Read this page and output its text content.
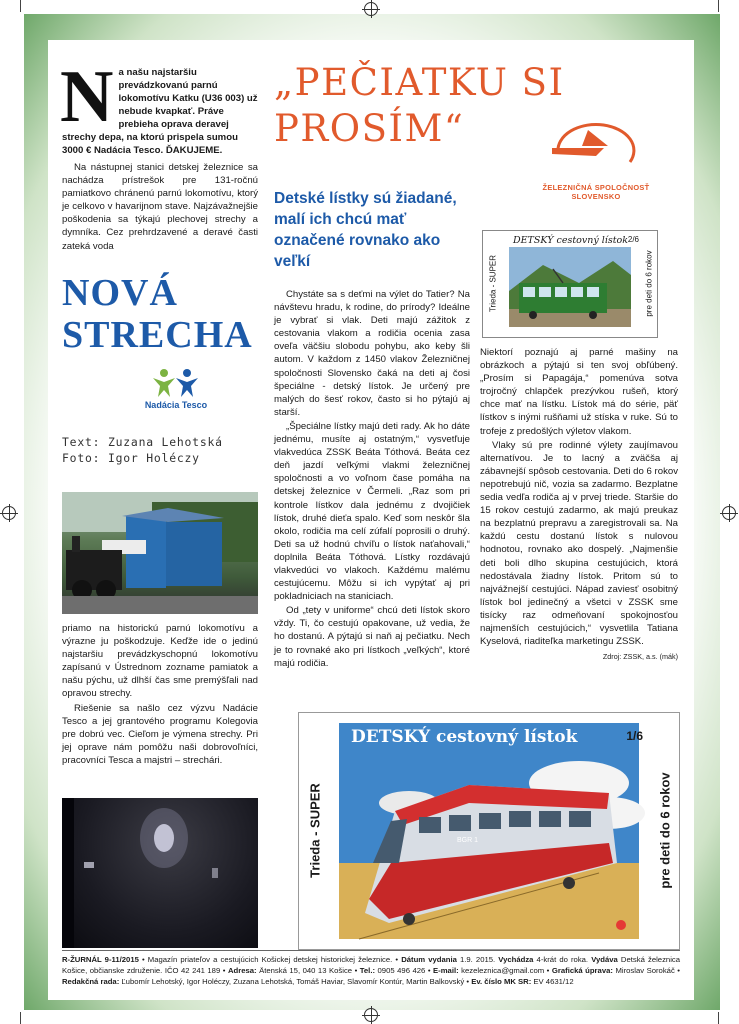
Na našu najstaršiu prevádzkovanú parnú lokomotívu Katku (U36 003) už nebude kvapkať. Práve prebieha oprava deravej strechy depa, na ktorú prispela sumou 3000 € Nadácia Tesco. ĎAKUJEME.

Na nástupnej stanici detskej železnice sa nachádza prístrešok pre 131-ročnú pamiatkovo chránenú parnú lokomotívu, ktorý je celkovo v havarijnom stave. Najzávažnejšie poškodenia sa týkajú plechovej strechy a dymníka. Cez prehrdzavené a deravé časti zateká voda

NOVÁ
STRECHA
Nadácia Tesco
Text: Zuzana Lehotská
Foto: Igor Holéczy

priamo na historickú parnú lokomotívu a výrazne ju poškodzuje. Keďže ide o jedinú najstaršiu prevádzkyschopnú lokomotívu zapísanú v Ústrednom zozname pamiatok a našu pýchu, už dlhší čas sme premýšľali nad opravou strechy.

Riešenie sa našlo cez výzvu Nadácie Tesco a jej grantového programu Kolegovia pre dobrú vec. Cieľom je výmena strechy. Pri jej oprave nám pomôžu naši dobrovoľníci, pracovníci Tesca a majstri – strechári.

„PEČIATKU SI
PROSÍM“
Detské lístky sú žiadané, malí ich chcú mať označené rovnako ako veľkí
ŽELEZNIČNÁ SPOLOČNOSŤ SLOVENSKO
DETSKÝ cestovný lístok 2/6
Trieda - SUPER	pre deti do 6 rokov

Chystáte sa s deťmi na výlet do Tatier? Na návštevu hradu, k rodine, do prírody? Ideálne je vybrať si vlak. Deti majú zážitok z cestovania vlakom a rodičia ocenia zasa oveľa väčšiu slobodu pohybu, ako keby šli autom. V každom z 1450 vlakov Železničnej spoločnosti Slovensko čaká na deti aj čosi špeciálne - detský lístok. Je určený pre malých do šesť rokov, často si ho pýtajú aj starší.

„Špeciálne lístky majú deti rady. Ak ho dáte jednému, musíte aj ostatným,“ vysvetľuje vlakvedúca ZSSK Beáta Tóthová. Beáta cez deň jazdí veľkými vlakmi železničnej spoločnosti a vo voľnom čase pomáha na detskej železnice v Čermeli. „Raz som pri kontrole lístkov dala jednému z dvojičiek lístok, druhé dieťa spalo. Keď som neskôr šla okolo, rodičia ma celí zúfalí poprosili o druhý. Deti sa už hodnú chvíľu o lístok naťahovali,“ doplnila Beáta Tóthová. Lístky rozdávajú vlakvedúci vo vlakoch. Každému malému cestujúcemu. Môžu si ich vypýtať aj pri pokladniciach na staniciach.

Od „tety v uniforme“ chcú deti lístok skoro vždy. Ti, čo cestujú opakovane, už vedia, že ho dostanú. A pýtajú si naň aj pečiatku. Nech je to rovnaké ako pri lístkoch „veľkých“, ktoré majú rodičia.

Niektorí poznajú aj parné mašiny na obrázkoch a pýtajú si ten svoj obľúbený. „Prosím si Papagája,“ pomenúva sotva trojročný chlapček prezývkou rušeň, ktorý chce mať na lístku. Lístok má do série, päť lístkov s inými rušňami už stíska v ruke. Sú to trofeje z predošlých výletov vlakom.

Vlaky sú pre rodinné výlety zaujímavou alternatívou. Je to lacný a zväčša aj zábavnejší spôsob cestovania. Deti do 6 rokov nepotrebujú nič, vozia sa zadarmo. Bezplatne sedia vedľa rodiča aj v prvej triede. Staršie do 15 rokov cestujú zadarmo, ak majú preukaz na bezplatnú prepravu a zaregistrovali sa. Na každú cestu dostanú lístok s nulovou hodnotou, rovnako ako dospelý. „Najmenšie deti boli dlho skupina cestujúcich, ktorá nedostávala žiadny lístok. Pritom sú to najvážnejší cestujúci. Nápad zaviesť osobitný lístok bol jedinečný a všetci v ZSSK sme tisícky raz odmeňovaní spokojnosťou najmenších cestujúcich,“ vysvetlila Tatiana Kyselová, riaditeľka marketingu ZSSK.

Zdroj: ZSSK, a.s. (mák)
DETSKÝ cestovný lístok	1/6
Trieda - SUPER	pre deti do 6 rokov
BGR 1
R-ŽURNÁL 9-11/2015 • Magazín priateľov a cestujúcich Košickej detskej historickej železnice. • Dátum vydania 1.9. 2015. Vychádza 4-krát do roka. Vydáva Detská železnica Košice, občianske združenie. IČO 42 241 189 • Adresa: Ätenská 15, 040 13 Košice • Tel.: 0905 496 426 • E-mail: kezeleznica@gmail.com • Grafická úprava: Miroslav Sorokáč • Redakčná rada: Ľubomír Lehotský, Igor Holéczy, Zuzana Lehotská, Tomáš Haviar, Slavomír Kontúr, Martin Balkovský • Ev. číslo MK SR: EV 4631/12
